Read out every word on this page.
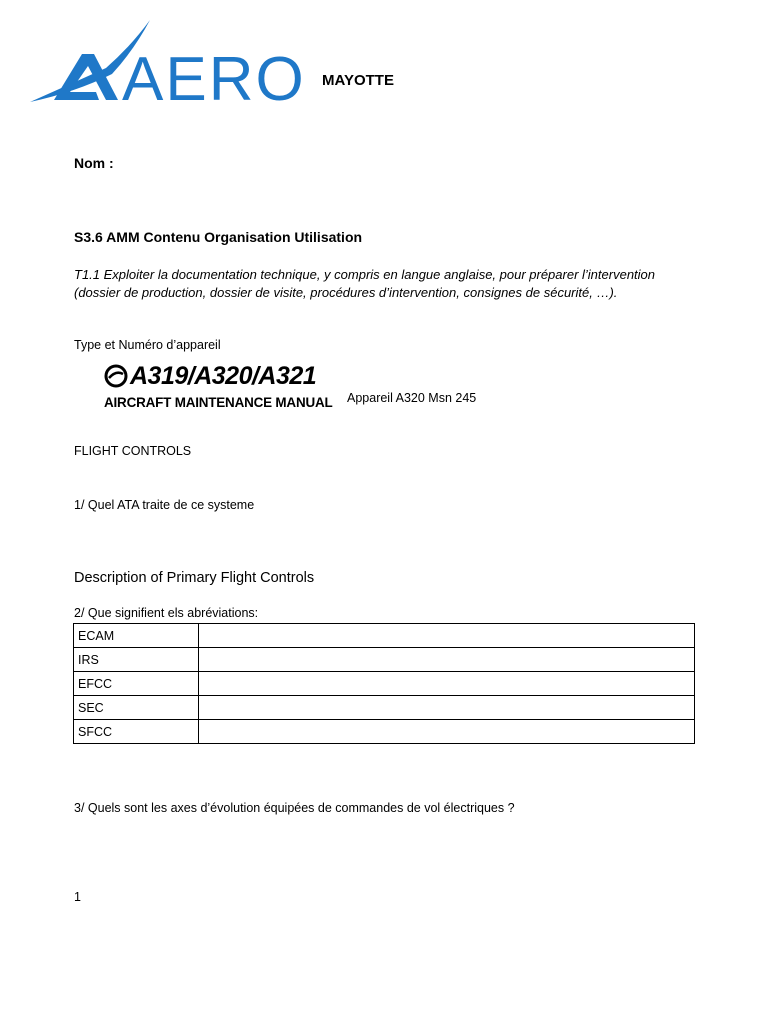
AERO MAYOTTE
Nom :
S3.6 AMM Contenu Organisation Utilisation
T1.1 Exploiter la documentation technique, y compris en langue anglaise, pour préparer l’intervention (dossier de production, dossier de visite, procédures d’intervention, consignes de sécurité, …).
Type et Numéro d’appareil
A319/A320/A321
AIRCRAFT MAINTENANCE MANUAL Appareil A320 Msn 245
FLIGHT CONTROLS
1/ Quel ATA traite de ce systeme
Description of Primary Flight Controls
2/ Que signifient els abréviations:
ECAM	
IRS	
EFCC	
SEC	
SFCC	
3/ Quels sont les axes d’évolution équipées de commandes de vol électriques ?
1
